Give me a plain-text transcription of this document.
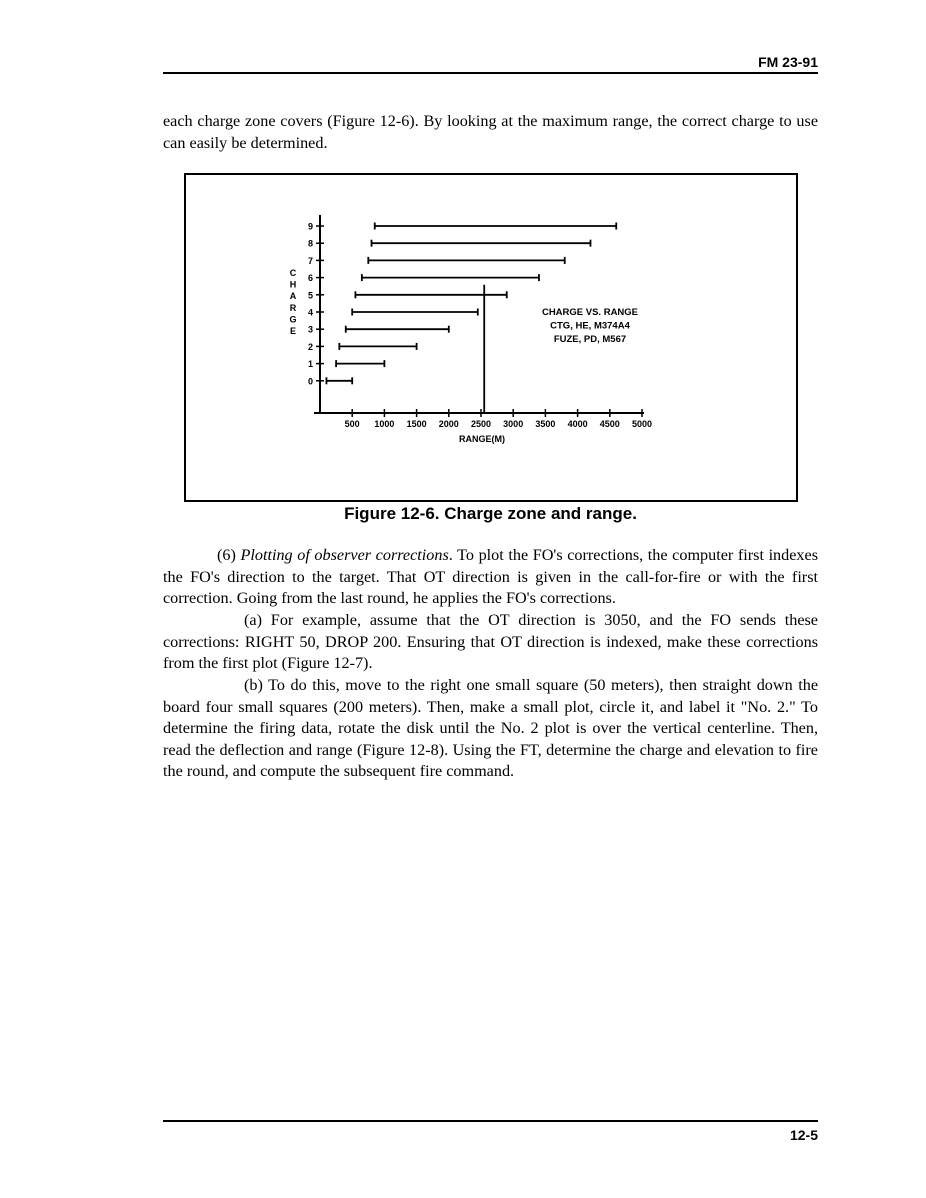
FM 23-91

each charge zone covers (Figure 12-6). By looking at the maximum range, the correct charge to use can easily be determined.

0
1
2
3
4
5
6
7
8
9
500 1000 1500 2000 2500 3000 3500 4000 4500 5000
RANGE(M)
C
H
A
R
G
E
CHARGE VS. RANGE
CTG, HE, M374A4
FUZE, PD, M567
Figure 12-6. Charge zone and range.

(6) Plotting of observer corrections. To plot the FO's corrections, the computer first indexes the FO's direction to the target. That OT direction is given in the call-for-fire or with the first correction. Going from the last round, he applies the FO's corrections.

(a) For example, assume that the OT direction is 3050, and the FO sends these corrections: RIGHT 50, DROP 200. Ensuring that OT direction is indexed, make these corrections from the first plot (Figure 12-7).

(b) To do this, move to the right one small square (50 meters), then straight down the board four small squares (200 meters). Then, make a small plot, circle it, and label it "No. 2." To determine the firing data, rotate the disk until the No. 2 plot is over the vertical centerline. Then, read the deflection and range (Figure 12-8). Using the FT, determine the charge and elevation to fire the round, and compute the subsequent fire command.

12-5
